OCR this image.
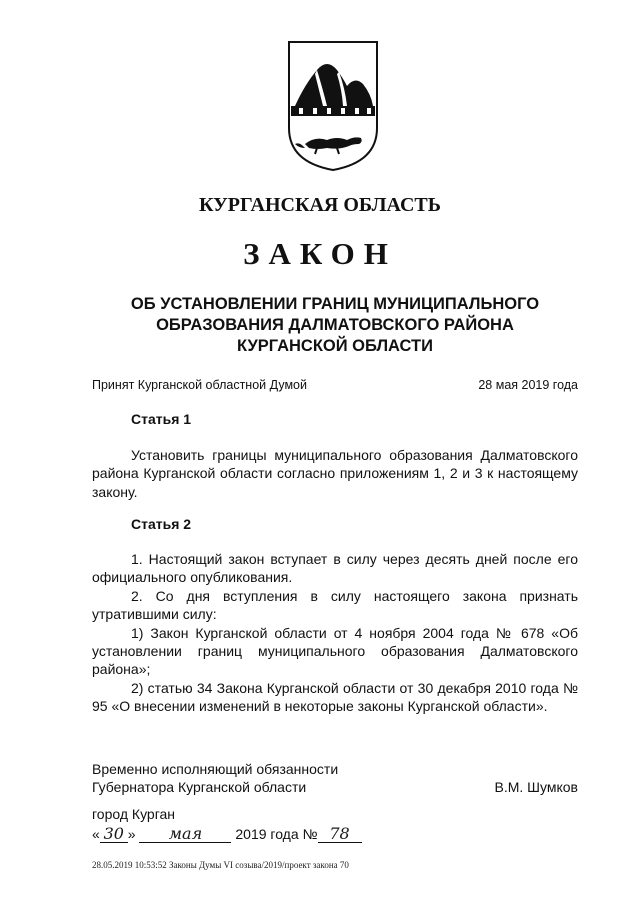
КУРГАНСКАЯ ОБЛАСТЬ
ЗАКОН
ОБ УСТАНОВЛЕНИИ ГРАНИЦ МУНИЦИПАЛЬНОГО
ОБРАЗОВАНИЯ ДАЛМАТОВСКОГО РАЙОНА
КУРГАНСКОЙ ОБЛАСТИ
Принят Курганской областной Думой	28 мая 2019 года
Статья 1

Установить границы муниципального образования Далматовского района Курганской области согласно приложениям 1, 2 и 3 к настоящему закону.

Статья 2

1. Настоящий закон вступает в силу через десять дней после его официального опубликования.

2. Со дня вступления в силу настоящего закона признать утратившими силу:

1) Закон Курганской области от 4 ноября 2004 года № 678 «Об установлении границ муниципального образования Далматовского района»;

2) статью 34 Закона Курганской области от 30 декабря 2010 года № 95 «О внесении изменений в некоторые законы Курганской области».

Временно исполняющий обязанности
Губернатора Курганской области	В.М. Шумков
город Курган
« 30 » мая 2019 года № 78
28.05.2019 10:53:52 Законы Думы VI созыва/2019/проект закона 70
